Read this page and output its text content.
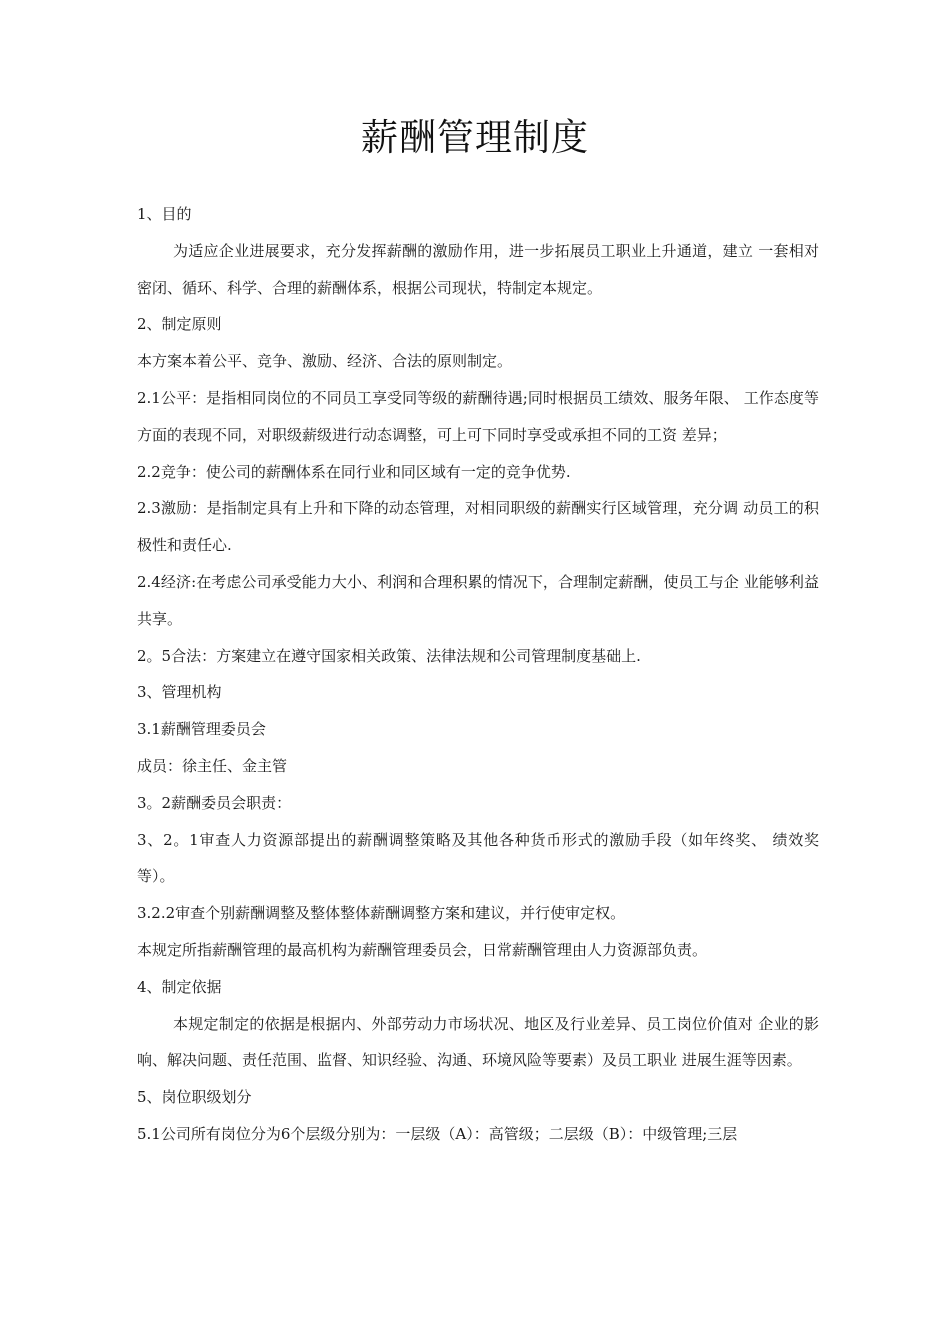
薪酬管理制度

1、目的

为适应企业进展要求，充分发挥薪酬的激励作用，进一步拓展员工职业上升通道，建立 一套相对密闭、循环、科学、合理的薪酬体系，根据公司现状，特制定本规定。

2、制定原则

本方案本着公平、竞争、激励、经济、合法的原则制定。

2.1公平：是指相同岗位的不同员工享受同等级的薪酬待遇;同时根据员工绩效、服务年限、 工作态度等方面的表现不同，对职级薪级进行动态调整，可上可下同时享受或承担不同的工资 差异；

2.2竞争：使公司的薪酬体系在同行业和同区域有一定的竞争优势.

2.3激励：是指制定具有上升和下降的动态管理，对相同职级的薪酬实行区域管理，充分调 动员工的积极性和责任心.

2.4经济:在考虑公司承受能力大小、利润和合理积累的情况下，合理制定薪酬，使员工与企 业能够利益共享。

2。5合法：方案建立在遵守国家相关政策、法律法规和公司管理制度基础上.

3、管理机构

3.1薪酬管理委员会

成员：徐主任、金主管

3。2薪酬委员会职责：

3、2。1审查人力资源部提出的薪酬调整策略及其他各种货币形式的激励手段（如年终奖、 绩效奖等）。

3.2.2审查个别薪酬调整及整体整体薪酬调整方案和建议，并行使审定权。

本规定所指薪酬管理的最高机构为薪酬管理委员会，日常薪酬管理由人力资源部负责。

4、制定依据

本规定制定的依据是根据内、外部劳动力市场状况、地区及行业差异、员工岗位价值对 企业的影响、解决问题、责任范围、监督、知识经验、沟通、环境风险等要素）及员工职业 进展生涯等因素。

5、岗位职级划分

5.1公司所有岗位分为6个层级分别为：一层级（A）：高管级；二层级（B）：中级管理;三层
